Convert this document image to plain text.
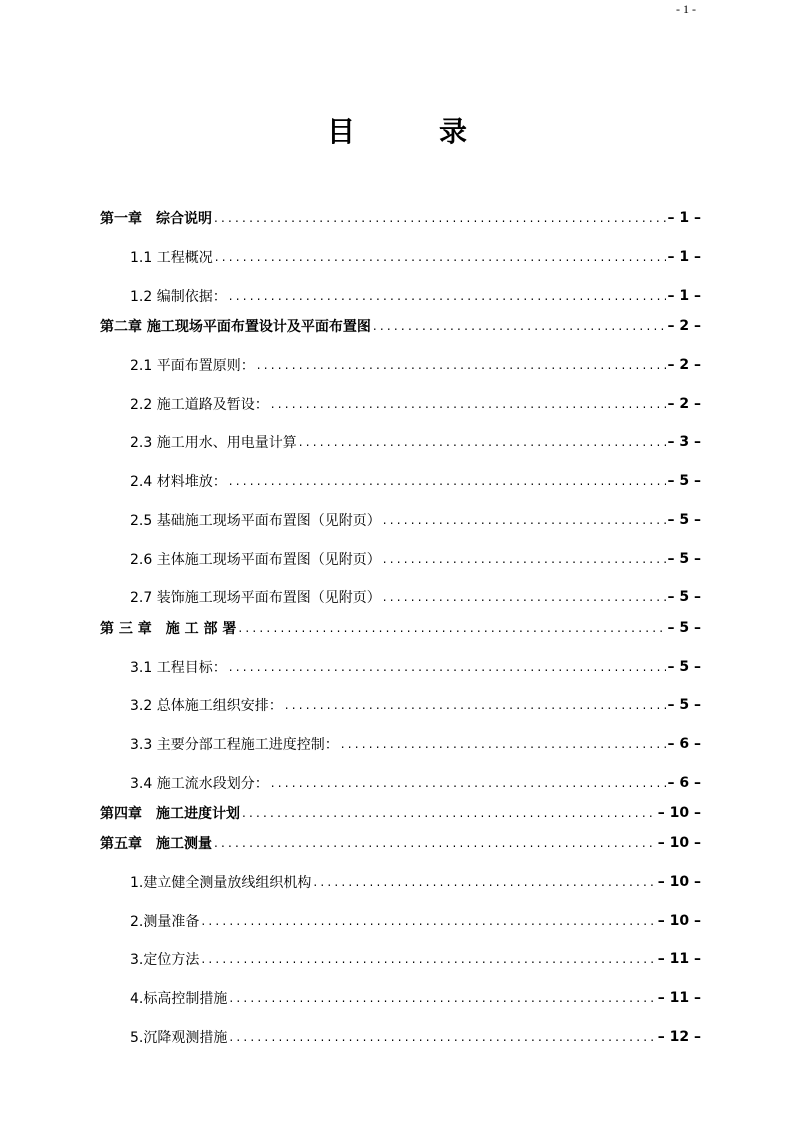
- 1 -
目	录
第一章　综合说明 .....	– 1 –
1.1 工程概况 .....	– 1 –
1.2 编制依据： .....	– 1 –
第二章 施工现场平面布置设计及平面布置图 .....	– 2 –
2.1 平面布置原则： .....	– 2 –
2.2 施工道路及暂设： .....	– 2 –
2.3 施工用水、用电量计算 .....	– 3 –
2.4 材料堆放： .....	– 5 –
2.5 基础施工现场平面布置图（见附页） .....	– 5 –
2.6 主体施工现场平面布置图（见附页） .....	– 5 –
2.7 装饰施工现场平面布置图（见附页） .....	– 5 –
第 三 章　施 工 部 署 .....	– 5 –
3.1 工程目标： .....	– 5 –
3.2 总体施工组织安排： .....	– 5 –
3.3 主要分部工程施工进度控制： .....	– 6 –
3.4 施工流水段划分： .....	– 6 –
第四章　施工进度计划 .....	– 10 –
第五章　施工测量 .....	– 10 –
1.建立健全测量放线组织机构 .....	– 10 –
2.测量准备 .....	– 10 –
3.定位方法 .....	– 11 –
4.标高控制措施 .....	– 11 –
5.沉降观测措施 .....	– 12 –
